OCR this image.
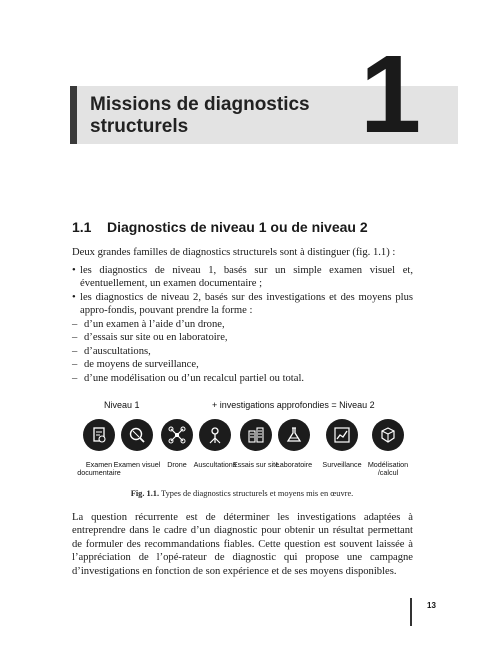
Missions de diagnostics
structurels	1
1.1 Diagnostics de niveau 1 ou de niveau 2

Deux grandes familles de diagnostics structurels sont à distinguer (fig. 1.1) :

• les diagnostics de niveau 1, basés sur un simple examen visuel et, éventuellement, un examen documentaire ;
• les diagnostics de niveau 2, basés sur des investigations et des moyens plus appro-fondis, pouvant prendre la forme :
– d’un examen à l’aide d’un drone,
– d’essais sur site ou en laboratoire,
– d’auscultations,
– de moyens de surveillance,
– d’une modélisation ou d’un recalcul partiel ou total.
Niveau 1	+ investigations approfondies = Niveau 2
Examen documentaire
Examen visuel Drone Auscultations
Essais sur site
Laboratoire	Surveillance Modélisation /calcul
Fig. 1.1. Types de diagnostics structurels et moyens mis en œuvre.

La question récurrente est de déterminer les investigations adaptées à entreprendre dans le cadre d’un diagnostic pour obtenir un résultat permettant de formuler des recommandations fiables. Cette question est souvent laissée à l’appréciation de l’opé-rateur de diagnostic qui propose une campagne d’investigations en fonction de son expérience et de ses moyens disponibles.

13
